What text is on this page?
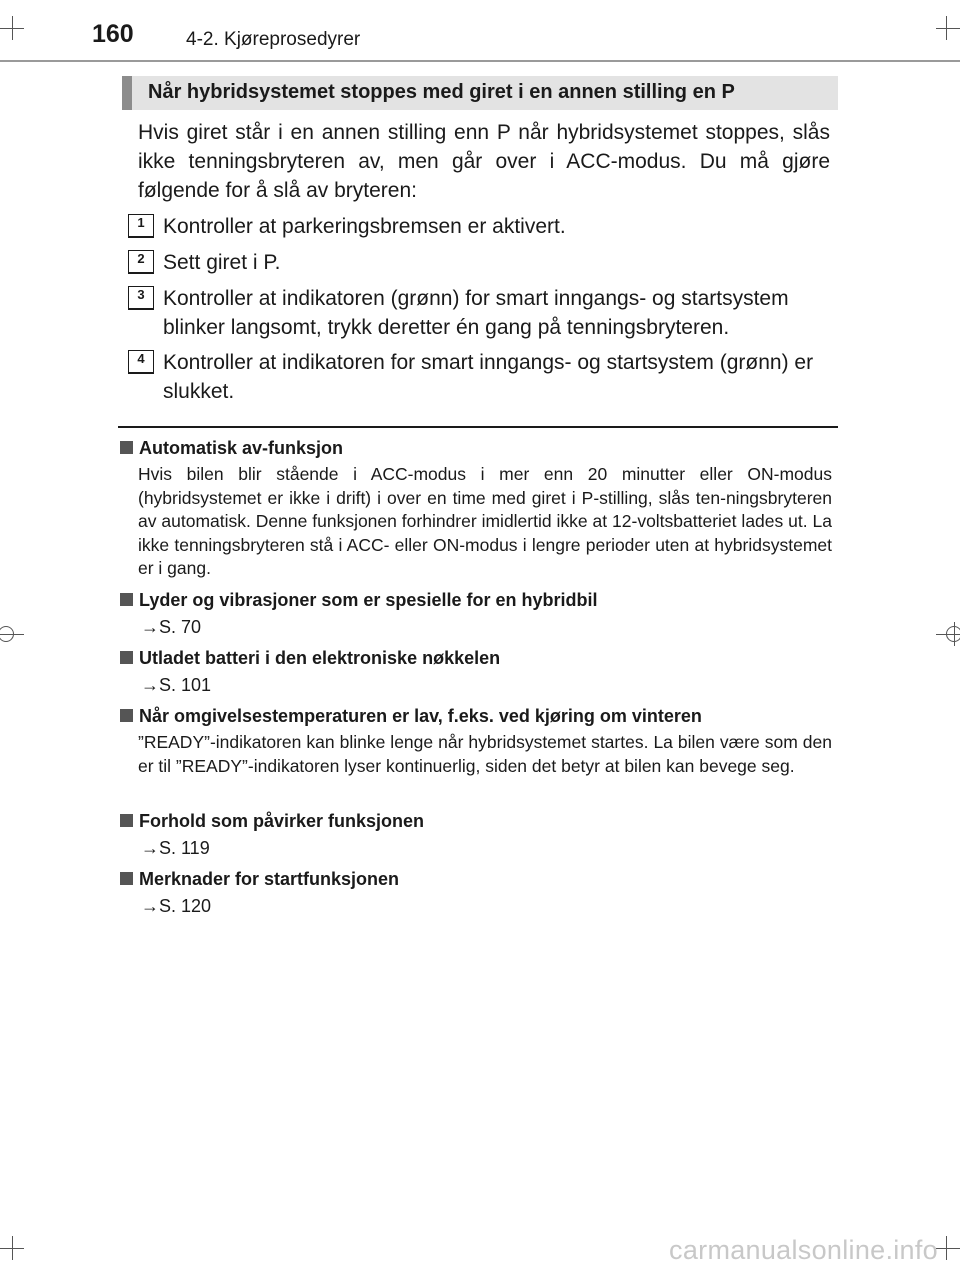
160	4-2. Kjøreprosedyrer
Når hybridsystemet stoppes med giret i en annen stilling en P
Hvis giret står i en annen stilling enn P når hybridsystemet stoppes, slås ikke tenningsbryteren av, men går over i ACC-modus. Du må gjøre følgende for å slå av bryteren:
1 Kontroller at parkeringsbremsen er aktivert.
2 Sett giret i P.
3 Kontroller at indikatoren (grønn) for smart inngangs- og startsystem blinker langsomt, trykk deretter én gang på tenningsbryteren.
4 Kontroller at indikatoren for smart inngangs- og startsystem (grønn) er slukket.
Automatisk av-funksjon
Hvis bilen blir stående i ACC-modus i mer enn 20 minutter eller ON-modus (hybridsystemet er ikke i drift) i over en time med giret i P-stilling, slås ten-ningsbryteren av automatisk. Denne funksjonen forhindrer imidlertid ikke at 12-voltsbatteriet lades ut. La ikke tenningsbryteren stå i ACC- eller ON-modus i lengre perioder uten at hybridsystemet er i gang.
Lyder og vibrasjoner som er spesielle for en hybridbil
→S. 70
Utladet batteri i den elektroniske nøkkelen
→S. 101
Når omgivelsestemperaturen er lav, f.eks. ved kjøring om vinteren
”READY”-indikatoren kan blinke lenge når hybridsystemet startes. La bilen være som den er til ”READY”-indikatoren lyser kontinuerlig, siden det betyr at bilen kan bevege seg.
Forhold som påvirker funksjonen
→S. 119
Merknader for startfunksjonen
→S. 120
carmanualsonline.info
